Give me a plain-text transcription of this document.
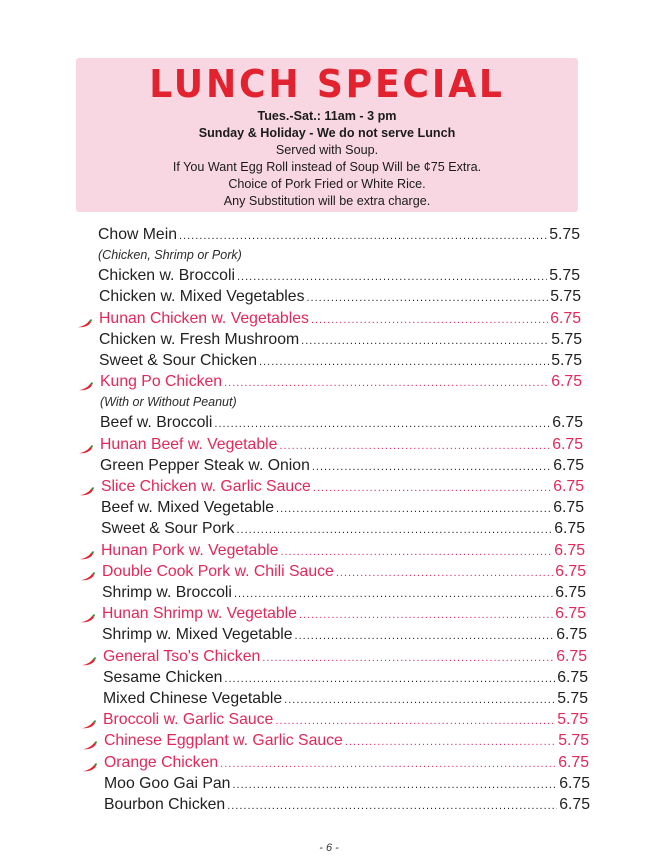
LUNCH SPECIAL
Tues.-Sat.: 11am - 3 pm
Sunday & Holiday - We do not serve Lunch
Served with Soup.
If You Want Egg Roll instead of Soup Will be ¢75 Extra.
Choice of Pork Fried or White Rice.
Any Substitution will be extra charge.
Chow Mein .....	5.75
(Chicken, Shrimp or Pork)
Chicken w. Broccoli .....	5.75
Chicken w. Mixed Vegetables .....	5.75
Hunan Chicken w. Vegetables .....	6.75
Chicken w. Fresh Mushroom .....	5.75
Sweet & Sour Chicken .....	5.75
Kung Po Chicken .....	6.75
(With or Without Peanut)
Beef w. Broccoli .....	6.75
Hunan Beef w. Vegetable .....	6.75
Green Pepper Steak w. Onion .....	6.75
Slice Chicken w. Garlic Sauce .....	6.75
Beef w. Mixed Vegetable .....	6.75
Sweet & Sour Pork .....	6.75
Hunan Pork w. Vegetable .....	6.75
Double Cook Pork w. Chili Sauce .....	6.75
Shrimp w. Broccoli .....	6.75
Hunan Shrimp w. Vegetable .....	6.75
Shrimp w. Mixed Vegetable .....	6.75
General Tso's Chicken .....	6.75
Sesame Chicken .....	6.75
Mixed Chinese Vegetable .....	5.75
Broccoli w. Garlic Sauce .....	5.75
Chinese Eggplant w. Garlic Sauce .....	5.75
Orange Chicken .....	6.75
Moo Goo Gai Pan .....	6.75
Bourbon Chicken .....	6.75
- 6 -
